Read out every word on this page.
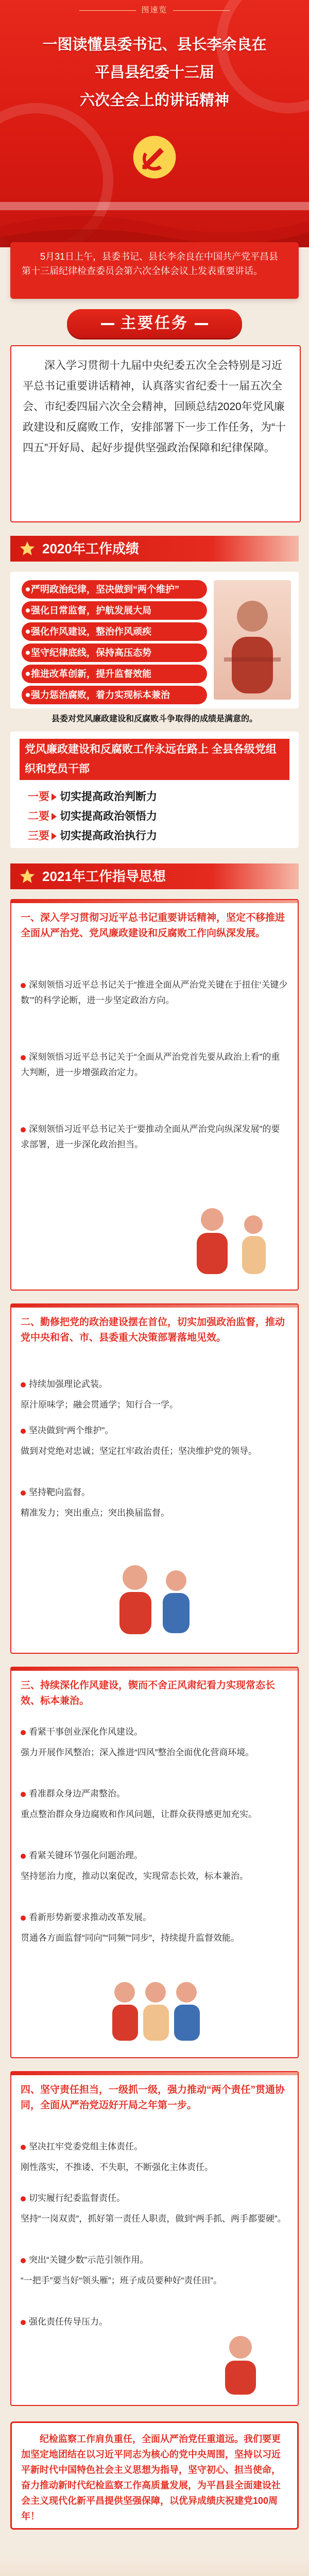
图速览
一图读懂县委书记、县长李余良在
平昌县纪委十三届
六次全会上的讲话精神

5月31日上午，县委书记、县长李余良在中国共产党平昌县第十三届纪律检查委员会第六次全体会议上发表重要讲话。

主要任务

深入学习贯彻十九届中央纪委五次全会特别是习近平总书记重要讲话精神，认真落实省纪委十一届五次全会、市纪委四届六次全会精神，回顾总结2020年党风廉政建设和反腐败工作，安排部署下一步工作任务，为“十四五”开好局、起好步提供坚强政治保障和纪律保障。

2020年工作成绩
严明政治纪律，坚决做到“两个维护”
强化日常监督，护航发展大局
强化作风建设，整治作风顽疾
坚守纪律底线，保持高压态势
推进改革创新，提升监督效能
强力惩治腐败，着力实现标本兼治
县委对党风廉政建设和反腐败斗争取得的成绩是满意的。
党风廉政建设和反腐败工作永远在路上 全县各级党组织和党员干部
一要 切实提高政治判断力
二要 切实提高政治领悟力
三要 切实提高政治执行力
2021年工作指导思想
一、深入学习贯彻习近平总书记重要讲话精神，坚定不移推进全面从严治党、党风廉政建设和反腐败工作向纵深发展。
深刻领悟习近平总书记关于“推进全面从严治党关键在于扭住‘关键少数’”的科学论断，进一步坚定政治方向。
深刻领悟习近平总书记关于“全面从严治党首先要从政治上看”的重大判断，进一步增强政治定力。
深刻领悟习近平总书记关于“要推动全面从严治党向纵深发展”的要求部署，进一步深化政治担当。
二、勤修把党的政治建设摆在首位，切实加强政治监督，推动党中央和省、市、县委重大决策部署落地见效。
持续加强理论武装。
原汁原味学；融会贯通学；知行合一学。
坚决做到“两个维护”。
做到对党绝对忠诚；坚定扛牢政治责任；坚决维护党的领导。
坚持靶向监督。
精准发力；突出重点；突出换届监督。
三、持续深化作风建设，锲而不舍正风肃纪看力实现常态长效、标本兼治。
看紧干事创业深化作风建设。
强力开展作风整治；深入推进“四风”整治全面优化营商环境。
看准群众身边严肃整治。
重点整治群众身边腐败和作风问题，让群众获得感更加充实。
看紧关键环节强化问题治理。
坚持惩治力度，推动以案促改，实现常态长效，标本兼治。
看新形势新要求推动改革发展。
贯通各方面监督“同向”“同频”“同步”，持续提升监督效能。
四、坚守责任担当，一级抓一级，强力推动“两个责任”贯通协同，全面从严治党迈好开局之年第一步。
坚决扛牢党委党组主体责任。
刚性落实，不推诿、不失职，不断强化主体责任。
切实履行纪委监督责任。
坚持“一岗双责”，抓好第一责任人职责，做到“两手抓、两手都要硬”。
突出“关键少数”示范引领作用。
“一把手”要当好“领头雁”；班子成员要种好“责任田”。
强化责任传导压力。

纪检监察工作肩负重任，全面从严治党任重道远。我们要更加坚定地团结在以习近平同志为核心的党中央周围，坚持以习近平新时代中国特色社会主义思想为指导，坚守初心、担当使命，奋力推动新时代纪检监察工作高质量发展，为平昌县全面建设社会主义现代化新平昌提供坚强保障，以优异成绩庆祝建党100周年！
